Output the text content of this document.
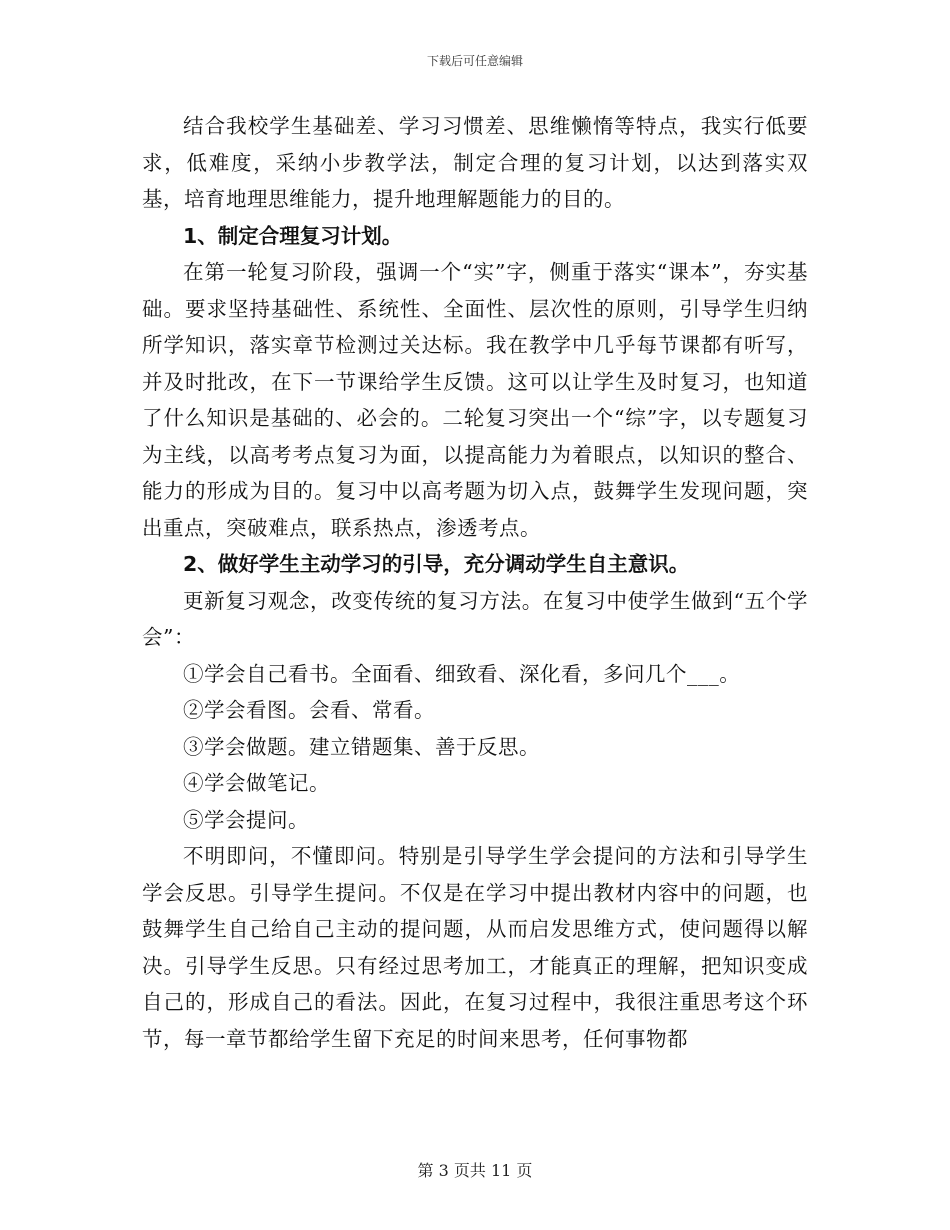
下载后可任意编辑

结合我校学生基础差、学习习惯差、思维懒惰等特点，我实行低要求，低难度，采纳小步教学法，制定合理的复习计划，以达到落实双基，培育地理思维能力，提升地理解题能力的目的。

1、制定合理复习计划。

在第一轮复习阶段，强调一个“实”字，侧重于落实“课本”，夯实基础。要求坚持基础性、系统性、全面性、层次性的原则，引导学生归纳所学知识，落实章节检测过关达标。我在教学中几乎每节课都有听写，并及时批改，在下一节课给学生反馈。这可以让学生及时复习，也知道了什么知识是基础的、必会的。二轮复习突出一个“综”字，以专题复习为主线，以高考考点复习为面，以提高能力为着眼点，以知识的整合、能力的形成为目的。复习中以高考题为切入点，鼓舞学生发现问题，突出重点，突破难点，联系热点，渗透考点。

2、做好学生主动学习的引导，充分调动学生自主意识。

更新复习观念，改变传统的复习方法。在复习中使学生做到“五个学会”：

①学会自己看书。全面看、细致看、深化看，多问几个___。

②学会看图。会看、常看。

③学会做题。建立错题集、善于反思。

④学会做笔记。

⑤学会提问。

不明即问，不懂即问。特别是引导学生学会提问的方法和引导学生学会反思。引导学生提问。不仅是在学习中提出教材内容中的问题，也鼓舞学生自己给自己主动的提问题，从而启发思维方式，使问题得以解决。引导学生反思。只有经过思考加工，才能真正的理解，把知识变成自己的，形成自己的看法。因此，在复习过程中，我很注重思考这个环节，每一章节都给学生留下充足的时间来思考，任何事物都

第 3 页共 11 页
